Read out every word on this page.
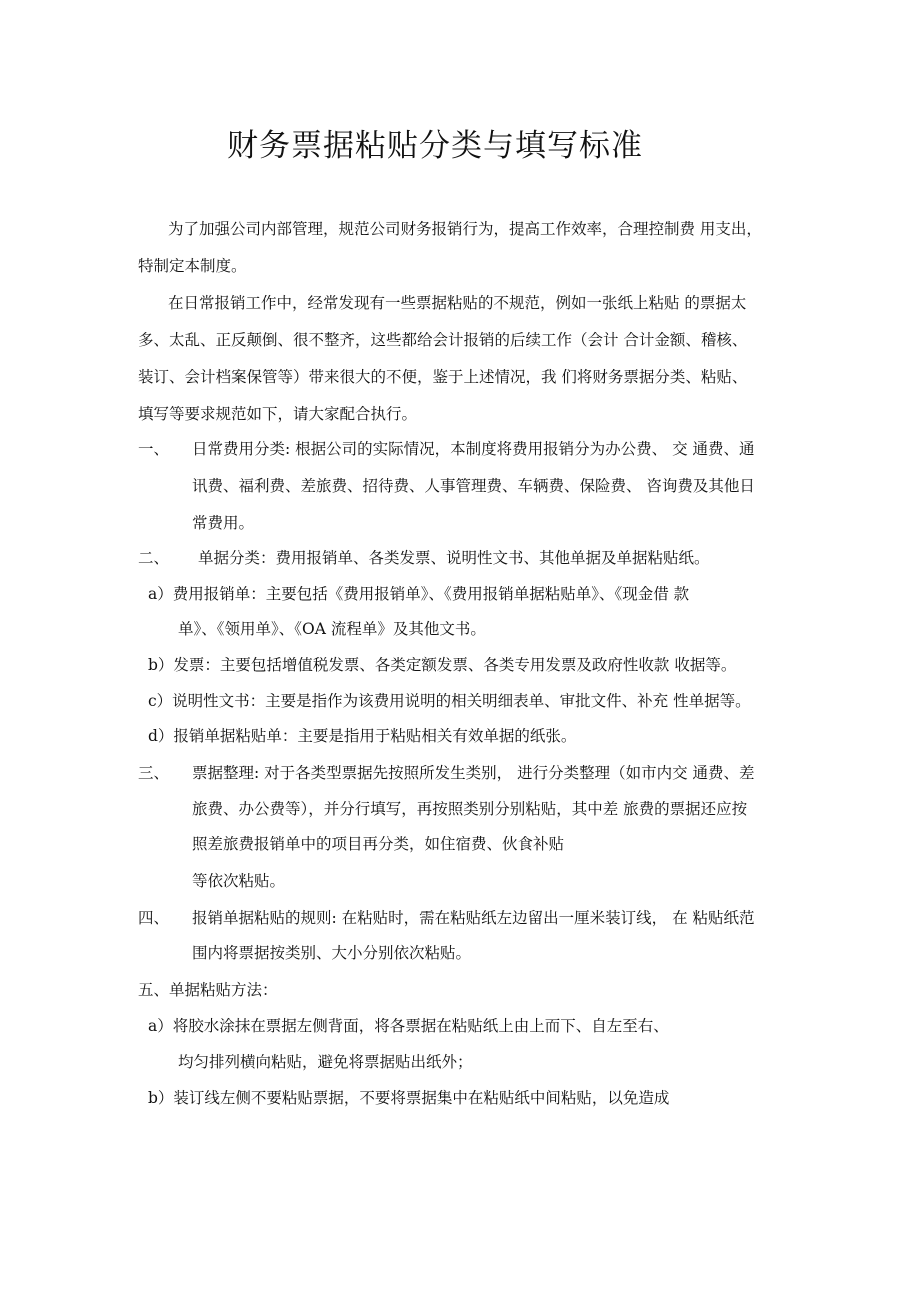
财务票据粘贴分类与填写标准
为了加强公司内部管理，规范公司财务报销行为，提高工作效率，合理控制费 用支出，
特制定本制度。
在日常报销工作中，经常发现有一些票据粘贴的不规范，例如一张纸上粘贴 的票据太
多、太乱、正反颠倒、很不整齐，这些都给会计报销的后续工作（会计 合计金额、稽核、
装订、会计档案保管等）带来很大的不便，鉴于上述情况，我 们将财务票据分类、粘贴、
填写等要求规范如下，请大家配合执行。
一、 日常费用分类: 根据公司的实际情况，本制度将费用报销分为办公费、 交 通费、通
讯费、福利费、差旅费、招待费、人事管理费、车辆费、保险费、 咨询费及其他日
常费用。
二、 单据分类：费用报销单、各类发票、说明性文书、其他单据及单据粘贴纸。
a）费用报销单：主要包括《费用报销单》、《费用报销单据粘贴单》、《现金借 款
单》、《领用单》、《OA 流程单》及其他文书。
b）发票：主要包括增值税发票、各类定额发票、各类专用发票及政府性收款 收据等。
c）说明性文书：主要是指作为该费用说明的相关明细表单、审批文件、补充 性单据等。
d）报销单据粘贴单：主要是指用于粘贴相关有效单据的纸张。
三、 票据整理: 对于各类型票据先按照所发生类别， 进行分类整理（如市内交 通费、差
旅费、办公费等），并分行填写，再按照类别分别粘贴，其中差 旅费的票据还应按
照差旅费报销单中的项目再分类，如住宿费、伙食补贴
等依次粘贴。
四、 报销单据粘贴的规则: 在粘贴时，需在粘贴纸左边留出一厘米装订线， 在 粘贴纸范
围内将票据按类别、大小分别依次粘贴。
五、单据粘贴方法：
a）将胶水涂抹在票据左侧背面，将各票据在粘贴纸上由上而下、自左至右、
均匀排列横向粘贴，避免将票据贴出纸外；
b）装订线左侧不要粘贴票据，不要将票据集中在粘贴纸中间粘贴，以免造成
